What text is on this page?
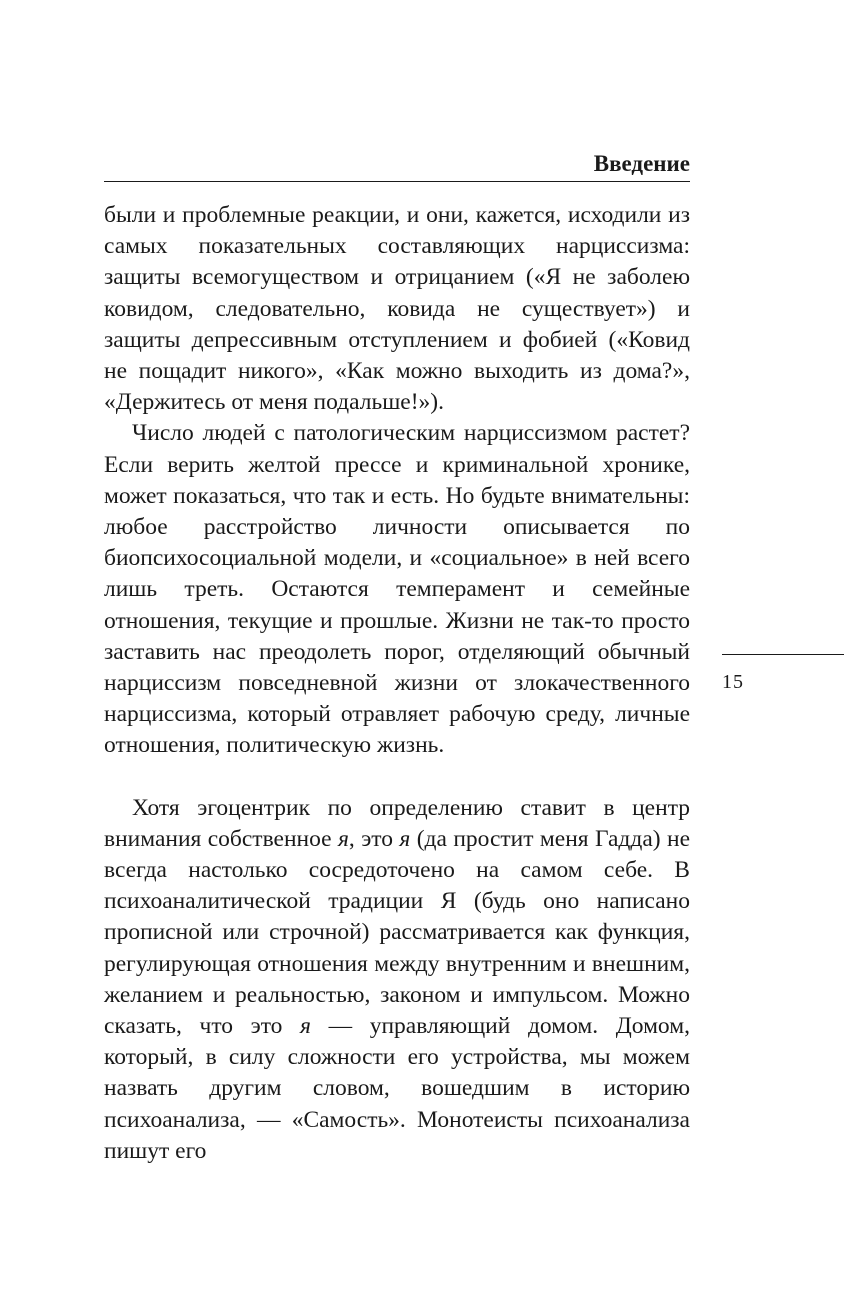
Введение

были и проблемные реакции, и они, кажется, исходили из самых показательных составляющих нарциссизма: защиты всемогуществом и отрицанием («Я не заболею ковидом, следовательно, ковида не существует») и защиты депрессивным отступлением и фобией («Ковид не пощадит никого», «Как можно выходить из дома?», «Держитесь от меня подальше!»).

Число людей с патологическим нарциссизмом растет? Если верить желтой прессе и криминальной хронике, может показаться, что так и есть. Но будьте внимательны: любое расстройство личности описывается по биопсихосоциальной модели, и «социальное» в ней всего лишь треть. Остаются темперамент и семейные отношения, текущие и прошлые. Жизни не так-то просто заставить нас преодолеть порог, отделяющий обычный нарциссизм повседневной жизни от злокачественного нарциссизма, который отравляет рабочую среду, личные отношения, политическую жизнь.

Хотя эгоцентрик по определению ставит в центр внимания собственное я, это я (да простит меня Гадда) не всегда настолько сосредоточено на самом себе. В психоаналитической традиции Я (будь оно написано прописной или строчной) рассматривается как функция, регулирующая отношения между внутренним и внешним, желанием и реальностью, законом и импульсом. Можно сказать, что это я — управляющий домом. Домом, который, в силу сложности его устройства, мы можем назвать другим словом, вошедшим в историю психоанализа, — «Самость». Монотеисты психоанализа пишут его

15
